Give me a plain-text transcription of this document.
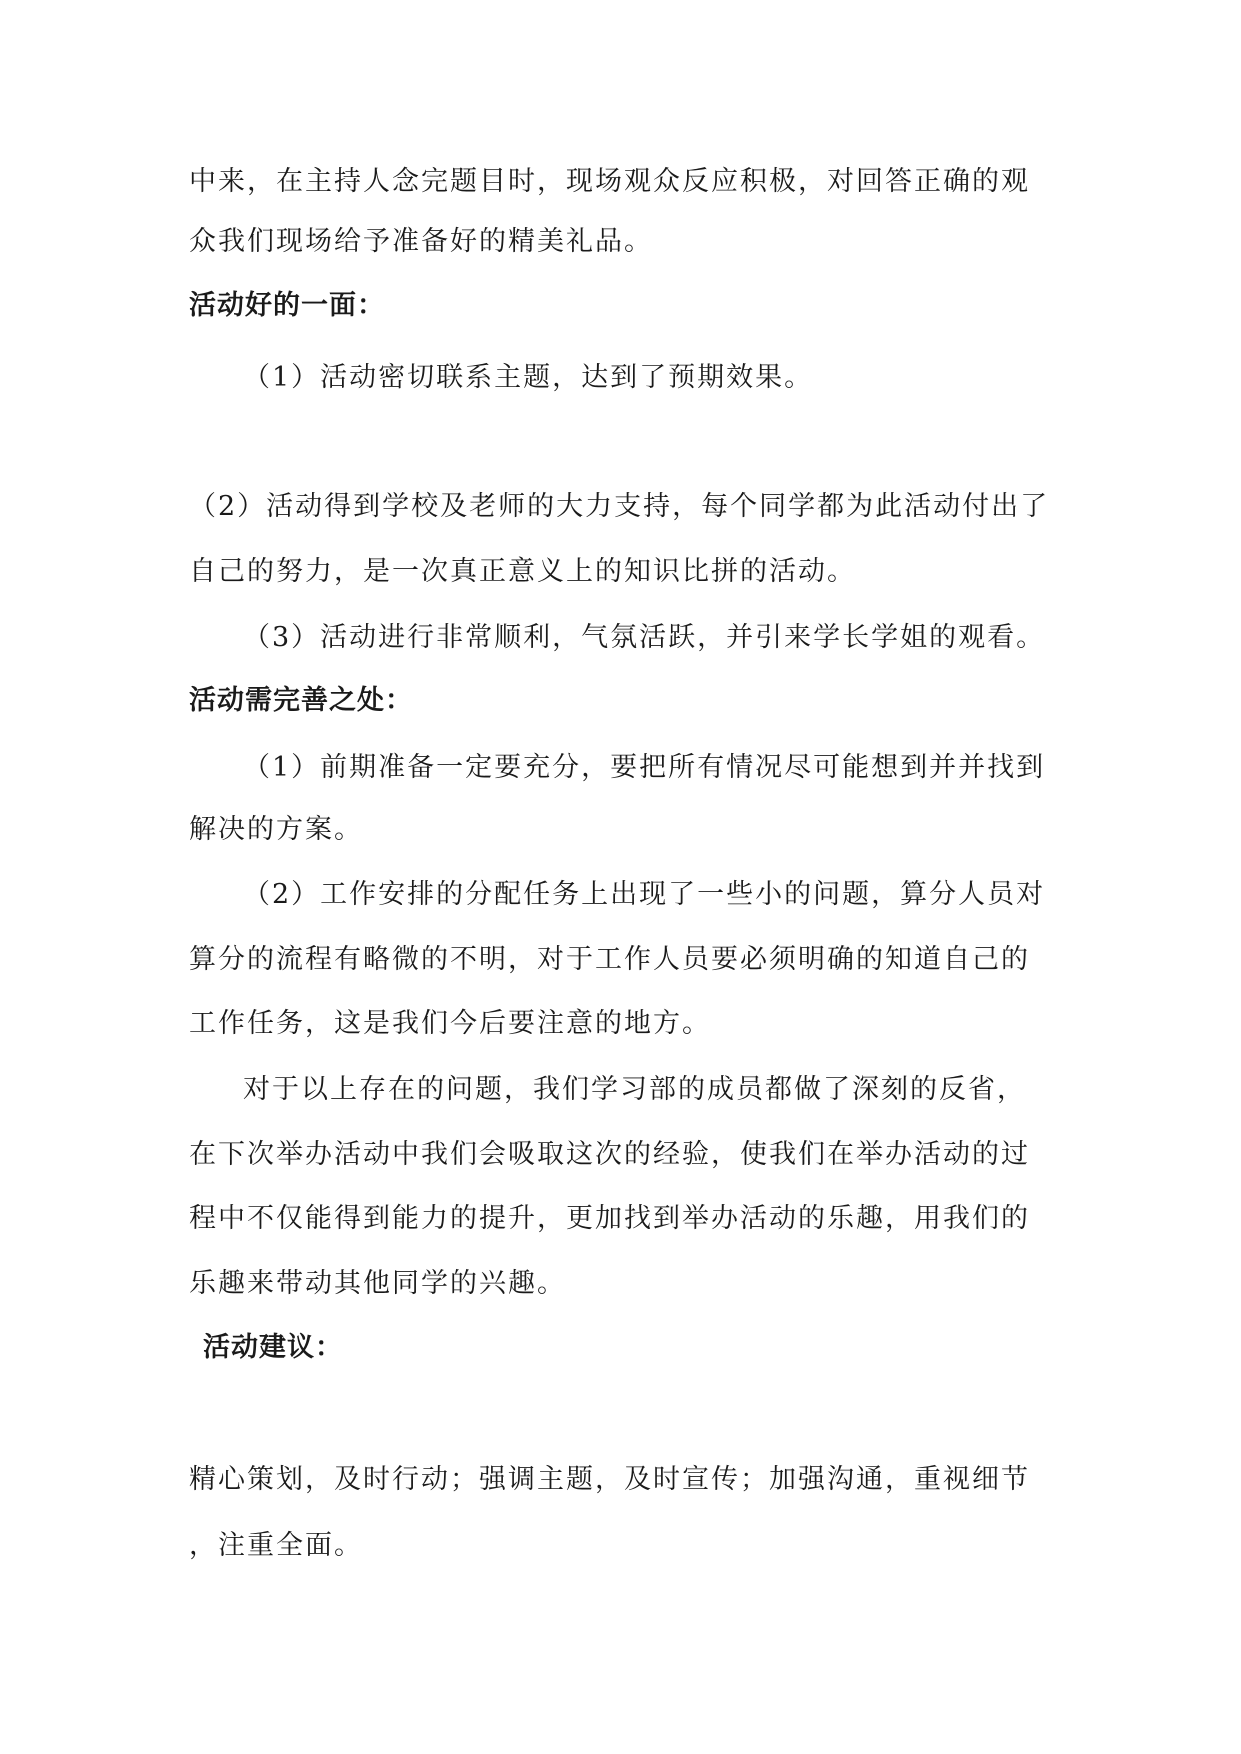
中来，在主持人念完题目时，现场观众反应积极，对回答正确的观
众我们现场给予准备好的精美礼品。
活动好的一面：
（1）活动密切联系主题，达到了预期效果。
（2）活动得到学校及老师的大力支持，每个同学都为此活动付出了
自己的努力，是一次真正意义上的知识比拼的活动。
（3）活动进行非常顺利，气氛活跃，并引来学长学姐的观看。
活动需完善之处：
（1）前期准备一定要充分，要把所有情况尽可能想到并并找到
解决的方案。
（2）工作安排的分配任务上出现了一些小的问题，算分人员对
算分的流程有略微的不明，对于工作人员要必须明确的知道自己的
工作任务，这是我们今后要注意的地方。
对于以上存在的问题，我们学习部的成员都做了深刻的反省，
在下次举办活动中我们会吸取这次的经验，使我们在举办活动的过
程中不仅能得到能力的提升，更加找到举办活动的乐趣，用我们的
乐趣来带动其他同学的兴趣。
活动建议：
精心策划，及时行动；强调主题，及时宣传；加强沟通，重视细节
，注重全面。
